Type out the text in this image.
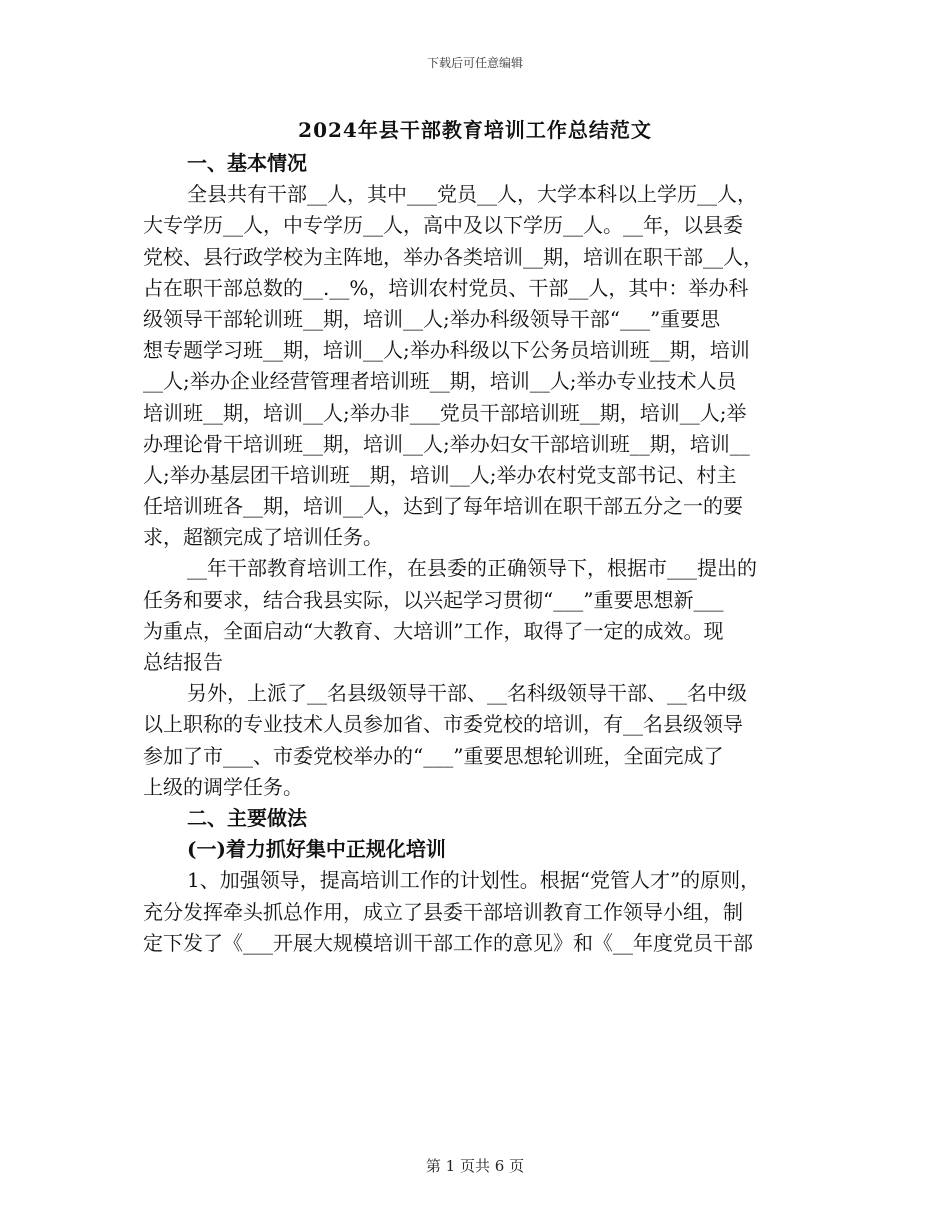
下载后可任意编辑
2024年县干部教育培训工作总结范文
一、基本情况
全县共有干部__人，其中___党员__人，大学本科以上学历__人，
大专学历__人，中专学历__人，高中及以下学历__人。__年，以县委
党校、县行政学校为主阵地，举办各类培训__期，培训在职干部__人，
占在职干部总数的__.__%，培训农村党员、干部__人，其中：举办科
级领导干部轮训班__期，培训__人;举办科级领导干部“___”重要思
想专题学习班__期，培训__人;举办科级以下公务员培训班__期，培训
__人;举办企业经营管理者培训班__期，培训__人;举办专业技术人员
培训班__期，培训__人;举办非___党员干部培训班__期，培训__人;举
办理论骨干培训班__期，培训__人;举办妇女干部培训班__期，培训__
人;举办基层团干培训班__期，培训__人;举办农村党支部书记、村主
任培训班各__期，培训__人，达到了每年培训在职干部五分之一的要
求，超额完成了培训任务。
__年干部教育培训工作，在县委的正确领导下，根据市___提出的
任务和要求，结合我县实际，以兴起学习贯彻“___”重要思想新___
为重点，全面启动“大教育、大培训”工作，取得了一定的成效。现
总结报告
另外，上派了__名县级领导干部、__名科级领导干部、__名中级
以上职称的专业技术人员参加省、市委党校的培训，有__名县级领导
参加了市___、市委党校举办的“___”重要思想轮训班，全面完成了
上级的调学任务。
二、主要做法
(一)着力抓好集中正规化培训
1、加强领导，提高培训工作的计划性。根据“党管人才”的原则，
充分发挥牵头抓总作用，成立了县委干部培训教育工作领导小组，制
定下发了《___开展大规模培训干部工作的意见》和《__年度党员干部
第 1 页共 6 页
